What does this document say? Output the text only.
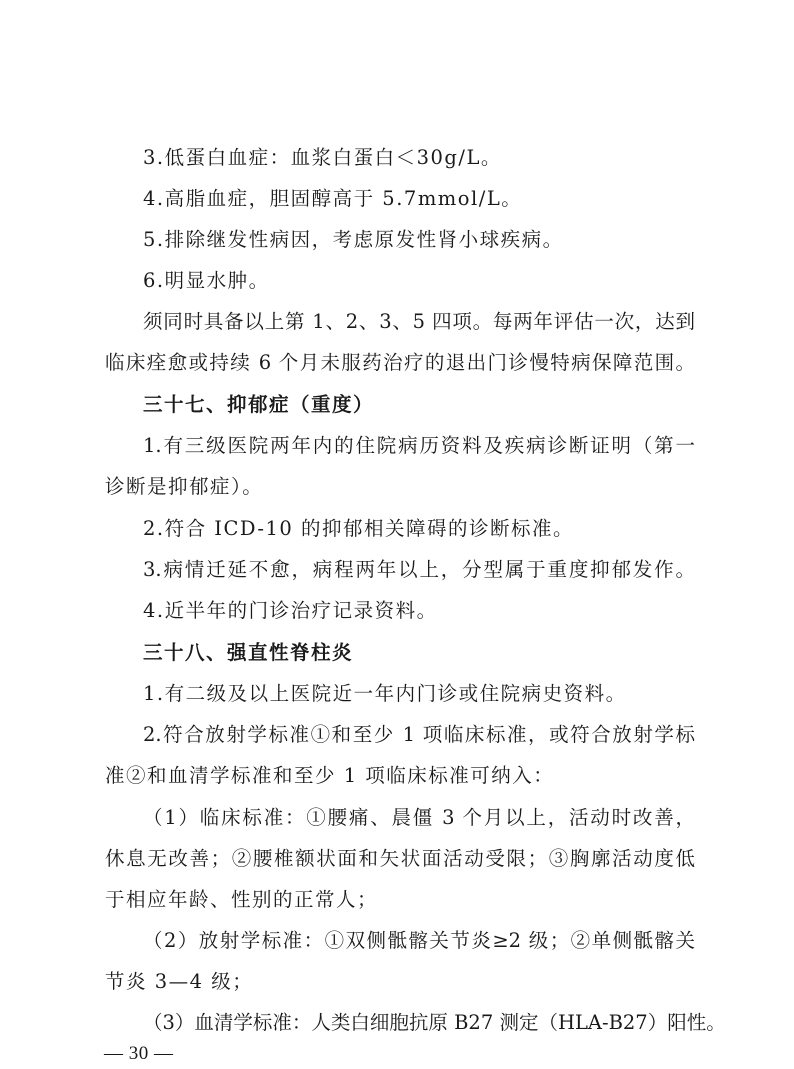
3.低蛋白血症：血浆白蛋白＜30g/L。
4.高脂血症，胆固醇高于 5.7mmol/L。
5.排除继发性病因，考虑原发性肾小球疾病。
6.明显水肿。
须同时具备以上第 1、2、3、5 四项。每两年评估一次，达到
临床痊愈或持续 6 个月未服药治疗的退出门诊慢特病保障范围。
三十七、抑郁症（重度）
1.有三级医院两年内的住院病历资料及疾病诊断证明（第一
诊断是抑郁症）。
2.符合 ICD-10 的抑郁相关障碍的诊断标准。
3.病情迁延不愈，病程两年以上，分型属于重度抑郁发作。
4.近半年的门诊治疗记录资料。
三十八、强直性脊柱炎
1.有二级及以上医院近一年内门诊或住院病史资料。
2.符合放射学标准①和至少 1 项临床标准，或符合放射学标
准②和血清学标准和至少 1 项临床标准可纳入：
（1）临床标准：①腰痛、晨僵 3 个月以上，活动时改善，
休息无改善；②腰椎额状面和矢状面活动受限；③胸廓活动度低
于相应年龄、性别的正常人；
（2）放射学标准：①双侧骶髂关节炎≥2 级；②单侧骶髂关
节炎 3—4 级；
（3）血清学标准：人类白细胞抗原 B27 测定（HLA-B27）阳性。
— 30 —
